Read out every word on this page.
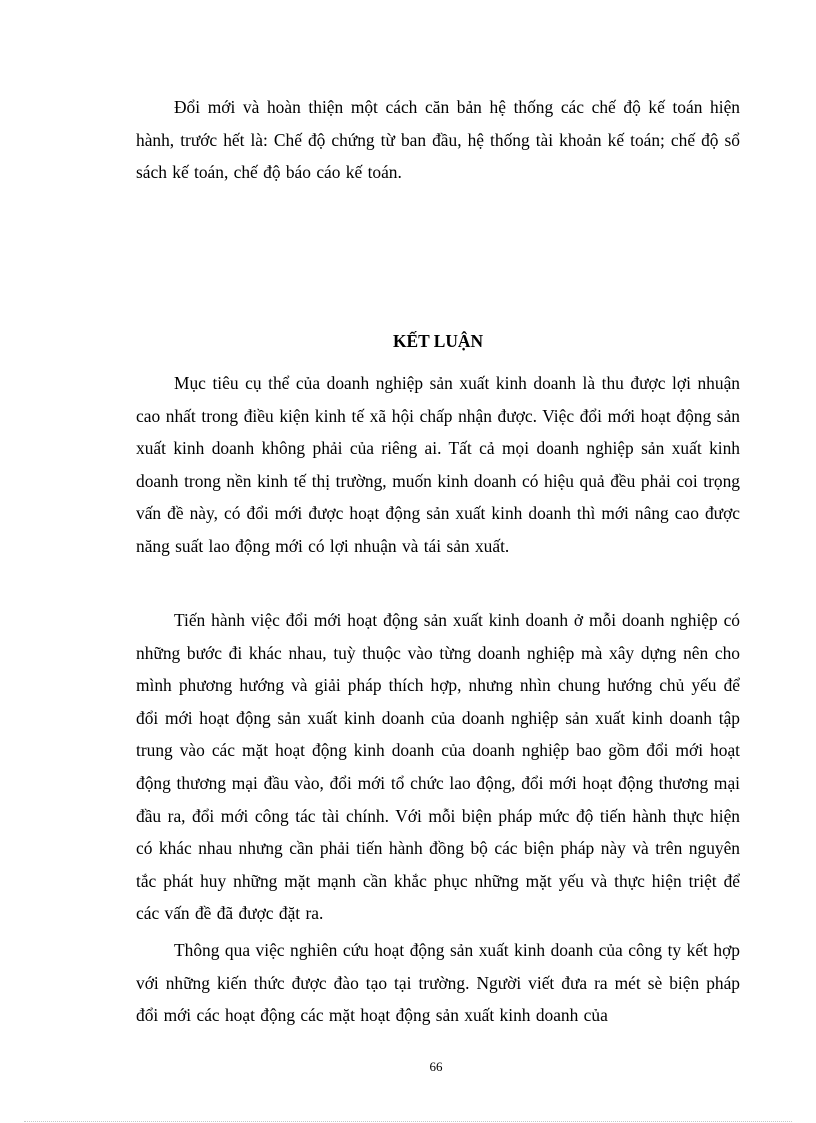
Đổi mới và hoàn thiện một cách căn bản hệ thống các chế độ kế toán hiện hành, trước hết là: Chế độ chứng từ ban đầu, hệ thống tài khoản kế toán; chế độ sổ sách kế toán, chế độ báo cáo kế toán.

KẾT LUẬN

Mục tiêu cụ thể của doanh nghiệp sản xuất kinh doanh là thu được lợi nhuận cao nhất trong điều kiện kinh tế xã hội chấp nhận được. Việc đổi mới hoạt động sản xuất kinh doanh không phải của riêng ai. Tất cả mọi doanh nghiệp sản xuất kinh doanh trong nền kinh tế thị trường, muốn kinh doanh có hiệu quả đều phải coi trọng vấn đề này, có đổi mới được hoạt động sản xuất kinh doanh thì mới nâng cao được năng suất lao động mới có lợi nhuận và tái sản xuất.

Tiến hành việc đổi mới hoạt động sản xuất kinh doanh ở mỗi doanh nghiệp có những bước đi khác nhau, tuỳ thuộc vào từng doanh nghiệp mà xây dựng nên cho mình phương hướng và giải pháp thích hợp, nhưng nhìn chung hướng chủ yếu để đổi mới hoạt động sản xuất kinh doanh của doanh nghiệp sản xuất kinh doanh tập trung vào các mặt hoạt động kinh doanh của doanh nghiệp bao gồm đổi mới hoạt động thương mại đầu vào, đổi mới tổ chức lao động, đổi mới hoạt động thương mại đầu ra, đổi mới công tác tài chính. Với mỗi biện pháp mức độ tiến hành thực hiện có khác nhau nhưng cần phải tiến hành đồng bộ các biện pháp này và trên nguyên tắc phát huy những mặt mạnh cần khắc phục những mặt yếu và thực hiện triệt để các vấn đề đã được đặt ra.

Thông qua việc nghiên cứu hoạt động sản xuất kinh doanh của công ty kết hợp với những kiến thức được đào tạo tại trường. Người viết đưa ra mét sè biện pháp đổi mới các hoạt động các mặt hoạt động sản xuất kinh doanh của

66
